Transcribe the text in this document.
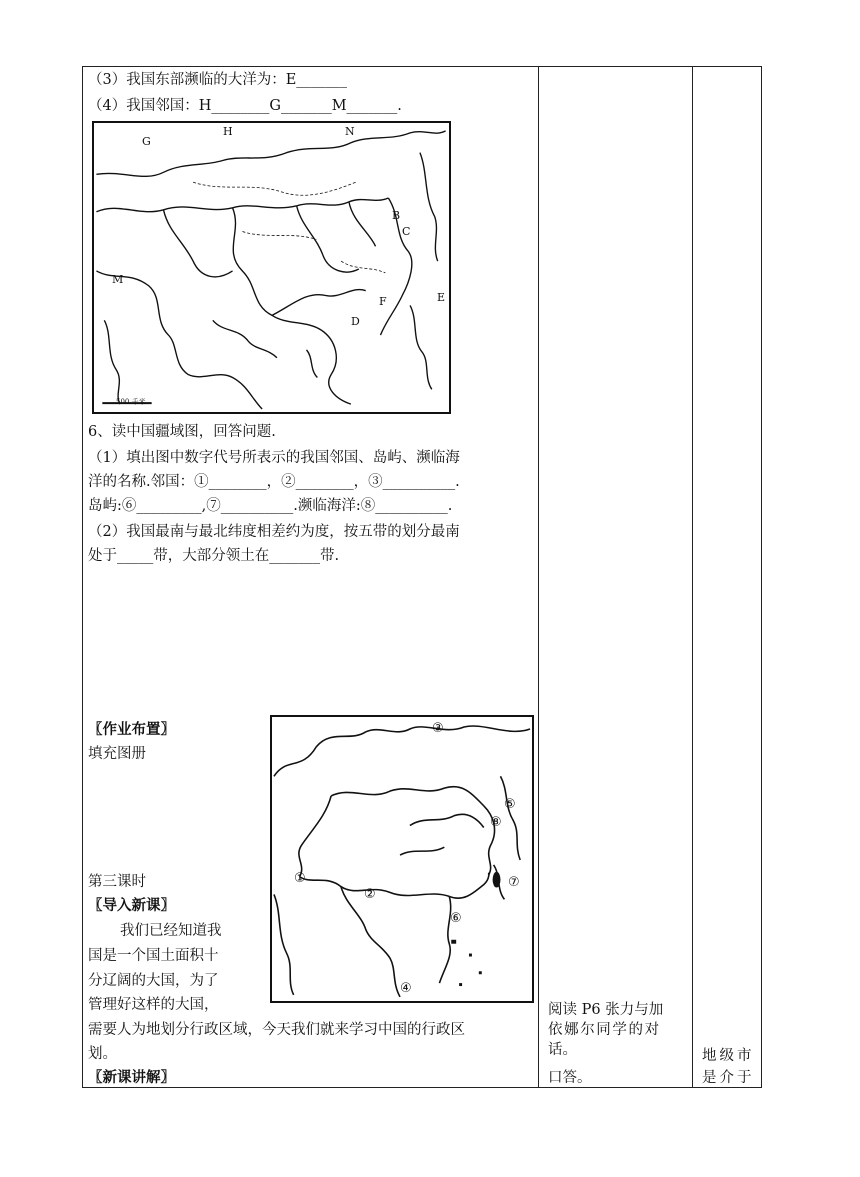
（3）我国东部濒临的大洋为：E_______
（4）我国邻国：H________G_______M_______.
G
H	N
B
C
M
F	E
D
500 千米
6、读中国疆域图，回答问题.
（1）填出图中数字代号所表示的我国邻国、岛屿、濒临海
洋的名称.邻国：①________，②________，③__________.
岛屿:⑥_________,⑦__________.濒临海洋:⑧__________.
（2）我国最南与最北纬度相差约为度，按五带的划分最南
处于_____带，大部分领土在_______带.
〖作业布置〗
填充图册
③
⑤
⑧
①	⑦
②
⑥
④
第三课时
〖导入新课〗
我们已经知道我
国是一个国土面积十
分辽阔的大国，为了
管理好这样的大国，
需要人为地划分行政区域，今天我们就来学习中国的行政区
划。
〖新课讲解〗
阅读 P6 张力与加
依娜尔同学的对
话。
口答。
地级市
是介于
